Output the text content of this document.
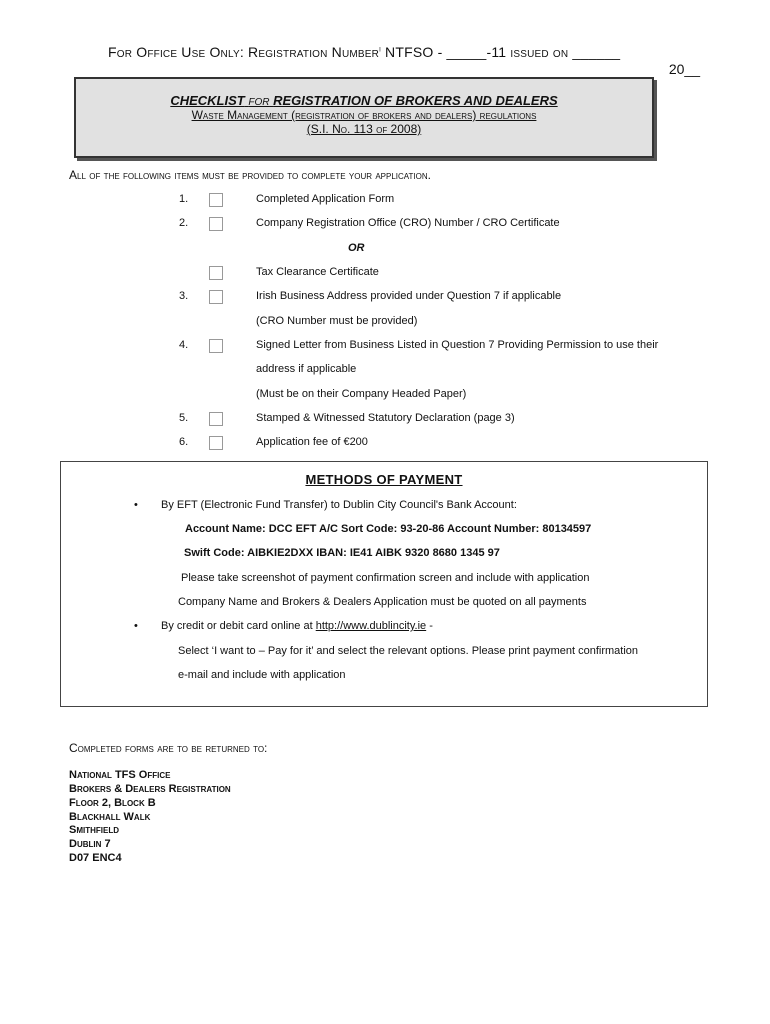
For Office Use Only: Registration Number$^i$ NTFSO - _____-11 issued on ______
20__
CHECKLIST FOR REGISTRATION OF BROKERS AND DEALERS
Waste Management (registration of brokers and dealers) regulations
(S.I. No. 113 of 2008)
All of the following items must be provided to complete your application.
1.	Completed Application Form
2.	Company Registration Office (CRO) Number / CRO Certificate
OR
Tax Clearance Certificate
3.	Irish Business Address provided under Question 7 if applicable
(CRO Number must be provided)
4.	Signed Letter from Business Listed in Question 7 Providing Permission to use their
address if applicable
(Must be on their Company Headed Paper)
5.	Stamped & Witnessed Statutory Declaration (page 3)
6.	Application fee of €200
METHODS OF PAYMENT
• By EFT (Electronic Fund Transfer) to Dublin City Council's Bank Account:
Account Name: DCC EFT A/C Sort Code: 93-20-86 Account Number: 80134597
Swift Code: AIBKIE2DXX IBAN: IE41 AIBK 9320 8680 1345 97
Please take screenshot of payment confirmation screen and include with application
Company Name and Brokers & Dealers Application must be quoted on all payments
• By credit or debit card online at http://www.dublincity.ie -
Select ‘I want to – Pay for it’ and select the relevant options. Please print payment confirmation
e-mail and include with application
Completed forms are to be returned to:
National TFS Office
Brokers & Dealers Registration
Floor 2, Block B
Blackhall Walk
Smithfield
Dublin 7
D07 ENC4
